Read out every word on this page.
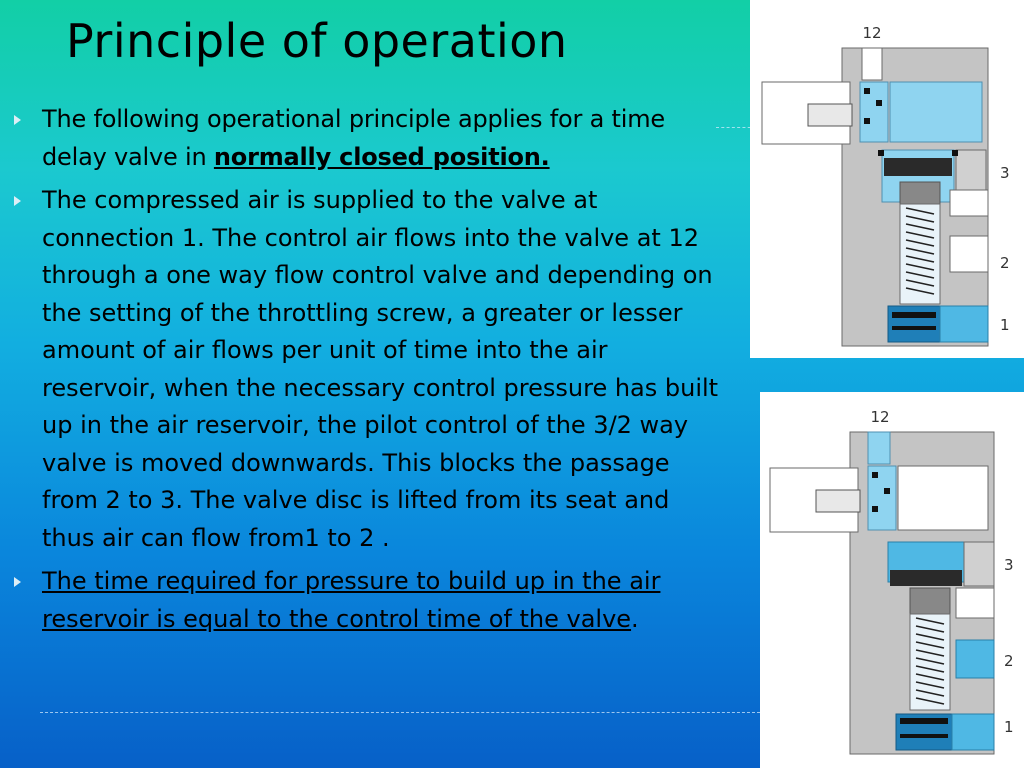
Principle of operation
The following operational principle applies for a time delay valve in normally closed position.
The compressed air is supplied to the valve at connection 1. The control air flows into the valve at 12 through a one way flow control valve and depending on the setting of the throttling screw, a greater or lesser amount of air flows per unit of time into the air reservoir, when the necessary control pressure has built up in the air reservoir, the pilot control of the 3/2 way valve is moved downwards. This blocks the passage from 2 to 3. The valve disc is lifted from its seat and thus air can flow from1 to 2 .
The time required for pressure to build up in the air reservoir is equal to the control time of the valve.
12
3
2
1
12
3
2
1
